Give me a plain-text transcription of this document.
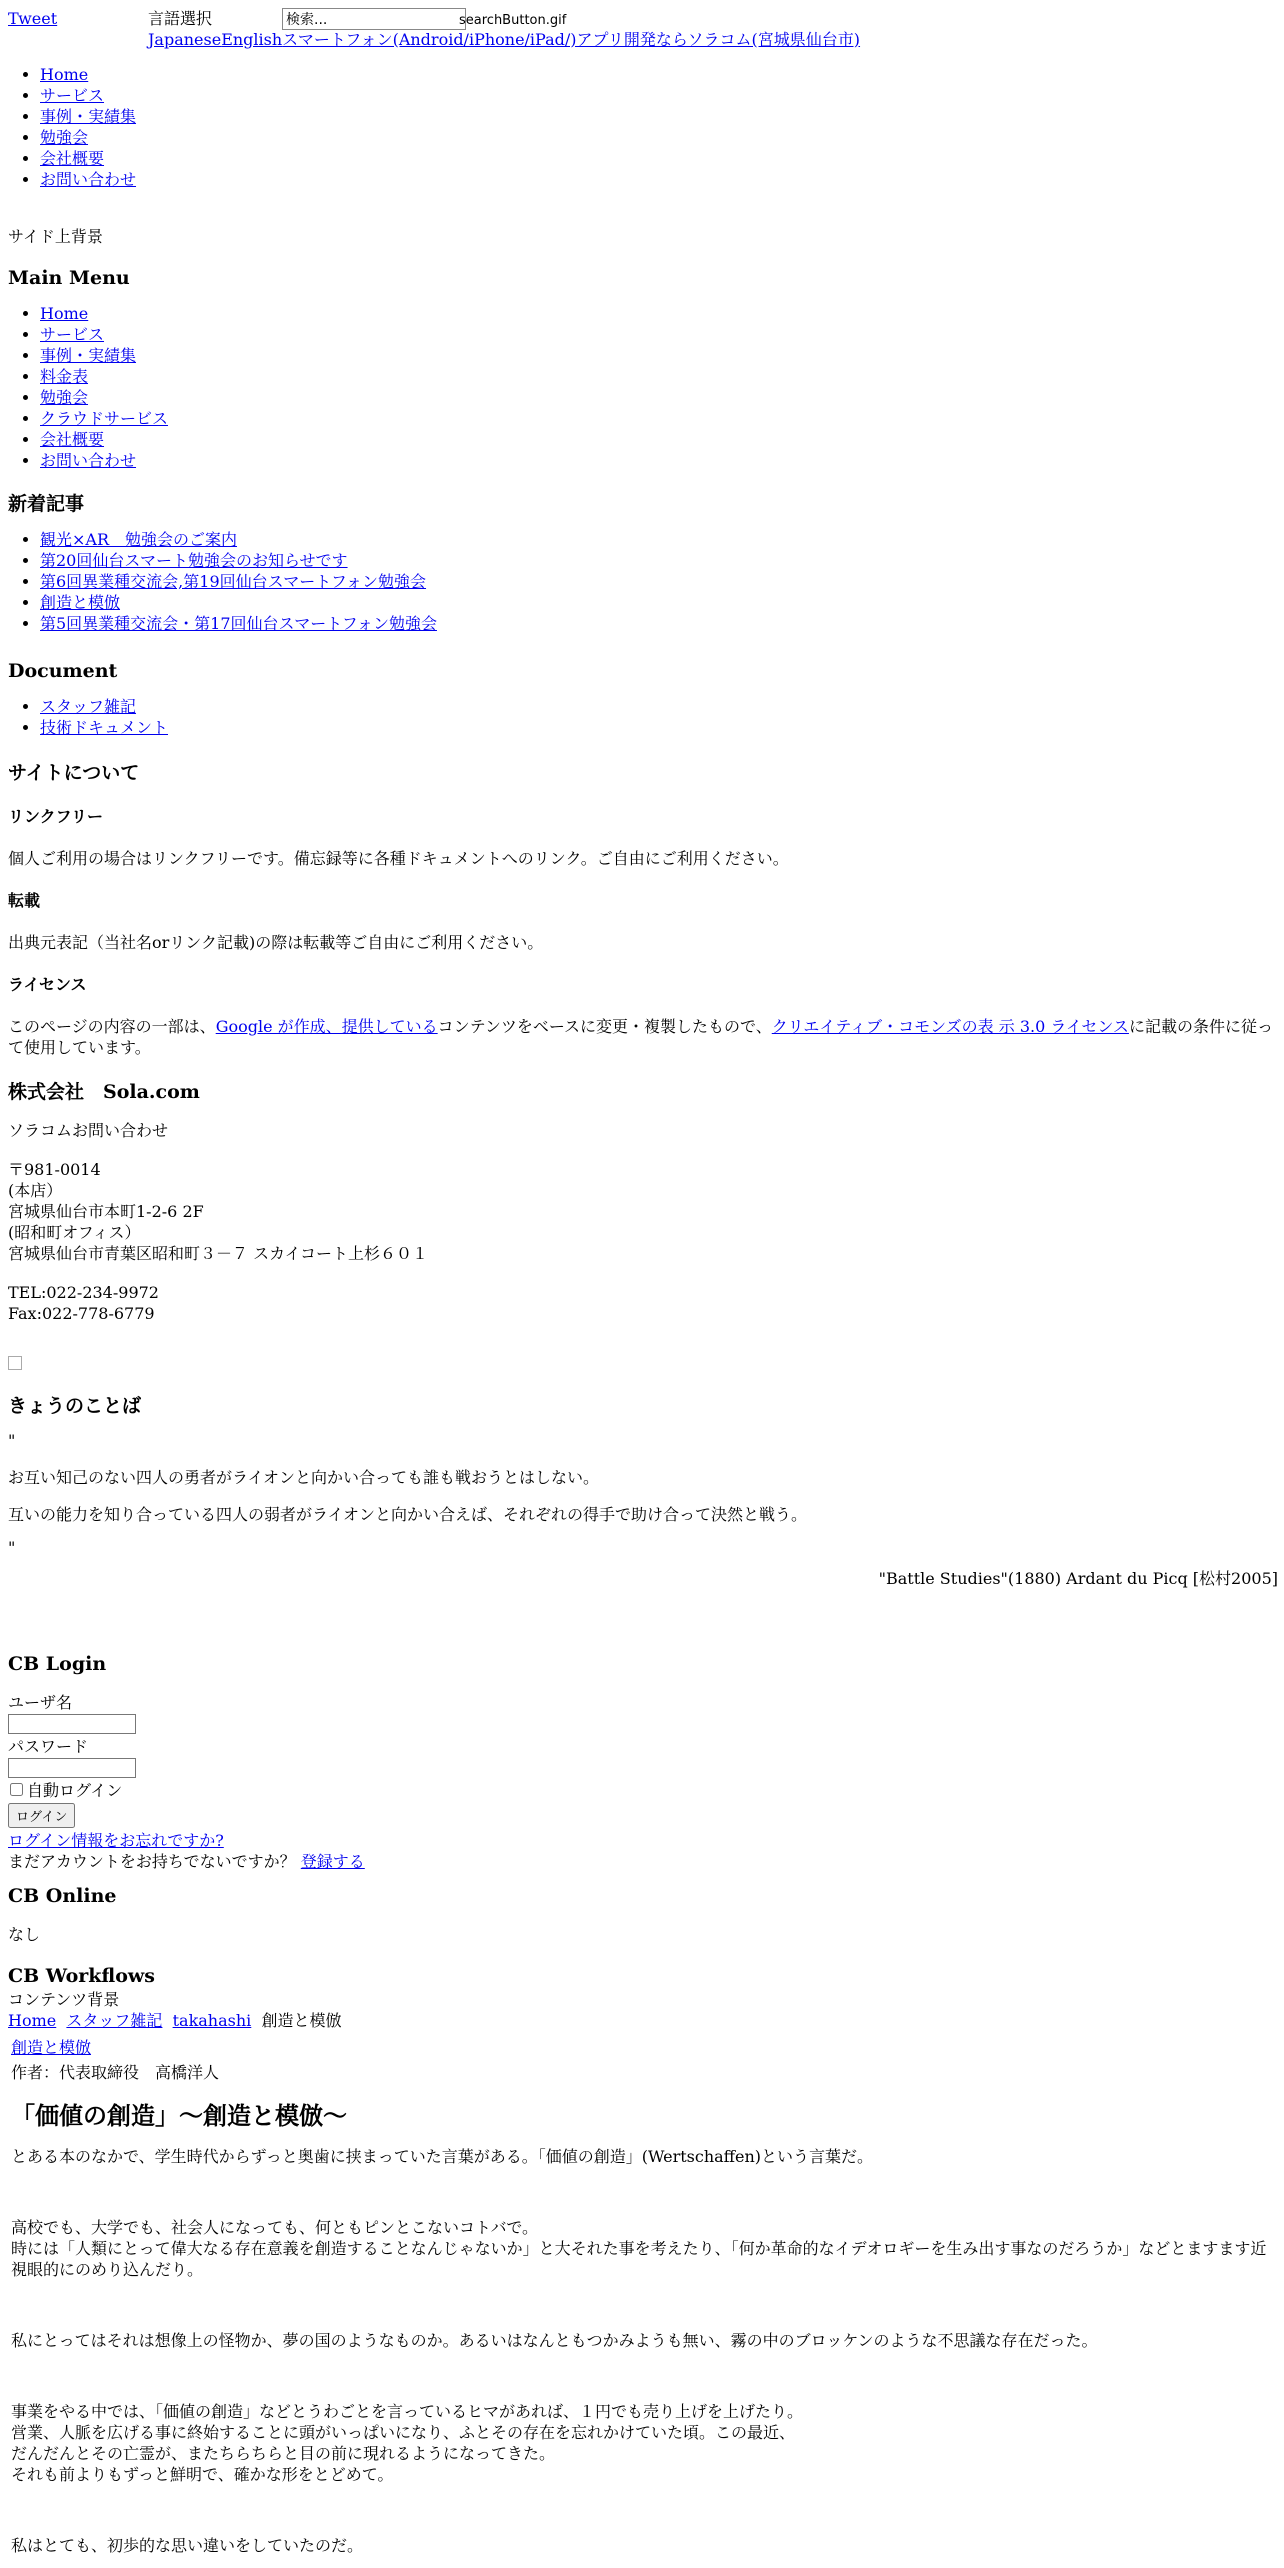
Tweet	言語選択
検索...	searchButton.gif
JapaneseEnglishスマートフォン(Android/iPhone/iPad/)アプリ開発ならソラコム(宮城県仙台市)
• Home
• サービス
• 事例・実績集
• 勉強会
• 会社概要
• お問い合わせ
サイド上背景
Main Menu
• Home
• サービス
• 事例・実績集
• 料金表
• 勉強会
• クラウドサービス
• 会社概要
• お問い合わせ
新着記事
• 観光×AR　勉強会のご案内
• 第20回仙台スマート勉強会のお知らせです
• 第6回異業種交流会,第19回仙台スマートフォン勉強会
• 創造と模倣
• 第5回異業種交流会・第17回仙台スマートフォン勉強会
Document
• スタッフ雑記
• 技術ドキュメント
サイトについて
リンクフリー

個人ご利用の場合はリンクフリーです。備忘録等に各種ドキュメントへのリンク。ご自由にご利用ください。

転載

出典元表記（当社名orリンク記載)の際は転載等ご自由にご利用ください。

ライセンス

このページの内容の一部は、Google が作成、提供しているコンテンツをベースに変更・複製したもので、クリエイティブ・コモンズの表 示 3.0 ライセンスに記載の条件に従って使用しています。

株式会社　Sola.com

ソラコムお問い合わせ

〒981-0014
(本店）
宮城県仙台市本町1-2-6 2F
(昭和町オフィス）
宮城県仙台市青葉区昭和町３－７ スカイコート上杉６０１

TEL:022-234-9972
Fax:022-778-6779

きょうのことば

"

お互い知己のない四人の勇者がライオンと向かい合っても誰も戦おうとはしない。

互いの能力を知り合っている四人の弱者がライオンと向かい合えば、それぞれの得手で助け合って決然と戦う。

"

"Battle Studies"(1880) Ardant du Picq [松村2005]

CB Login
ユーザ名
パスワード
自動ログイン
ログイン
ログイン情報をお忘れですか?
まだアカウントをお持ちでないですか？ 登録する
CB Online

なし

CB Workflows
コンテンツ背景
Home スタッフ雑記 takahashi 創造と模倣
創造と模倣
作者：代表取締役　高橋洋人
「価値の創造」〜創造と模倣〜

とある本のなかで、学生時代からずっと奥歯に挟まっていた言葉がある。「価値の創造」(Wertschaffen)という言葉だ。

高校でも、大学でも、社会人になっても、何ともピンとこないコトバで。
時には「人類にとって偉大なる存在意義を創造することなんじゃないか」と大それた事を考えたり、「何か革命的なイデオロギーを生み出す事なのだろうか」などとますます近視眼的にのめり込んだり。

私にとってはそれは想像上の怪物か、夢の国のようなものか。あるいはなんともつかみようも無い、霧の中のブロッケンのような不思議な存在だった。

事業をやる中では、「価値の創造」などとうわごとを言っているヒマがあれば、１円でも売り上げを上げたり。
営業、人脈を広げる事に終始することに頭がいっぱいになり、ふとその存在を忘れかけていた頃。この最近、
だんだんとその亡霊が、またちらちらと目の前に現れるようになってきた。
それも前よりもずっと鮮明で、確かな形をとどめて。

私はとても、初歩的な思い違いをしていたのだ。
